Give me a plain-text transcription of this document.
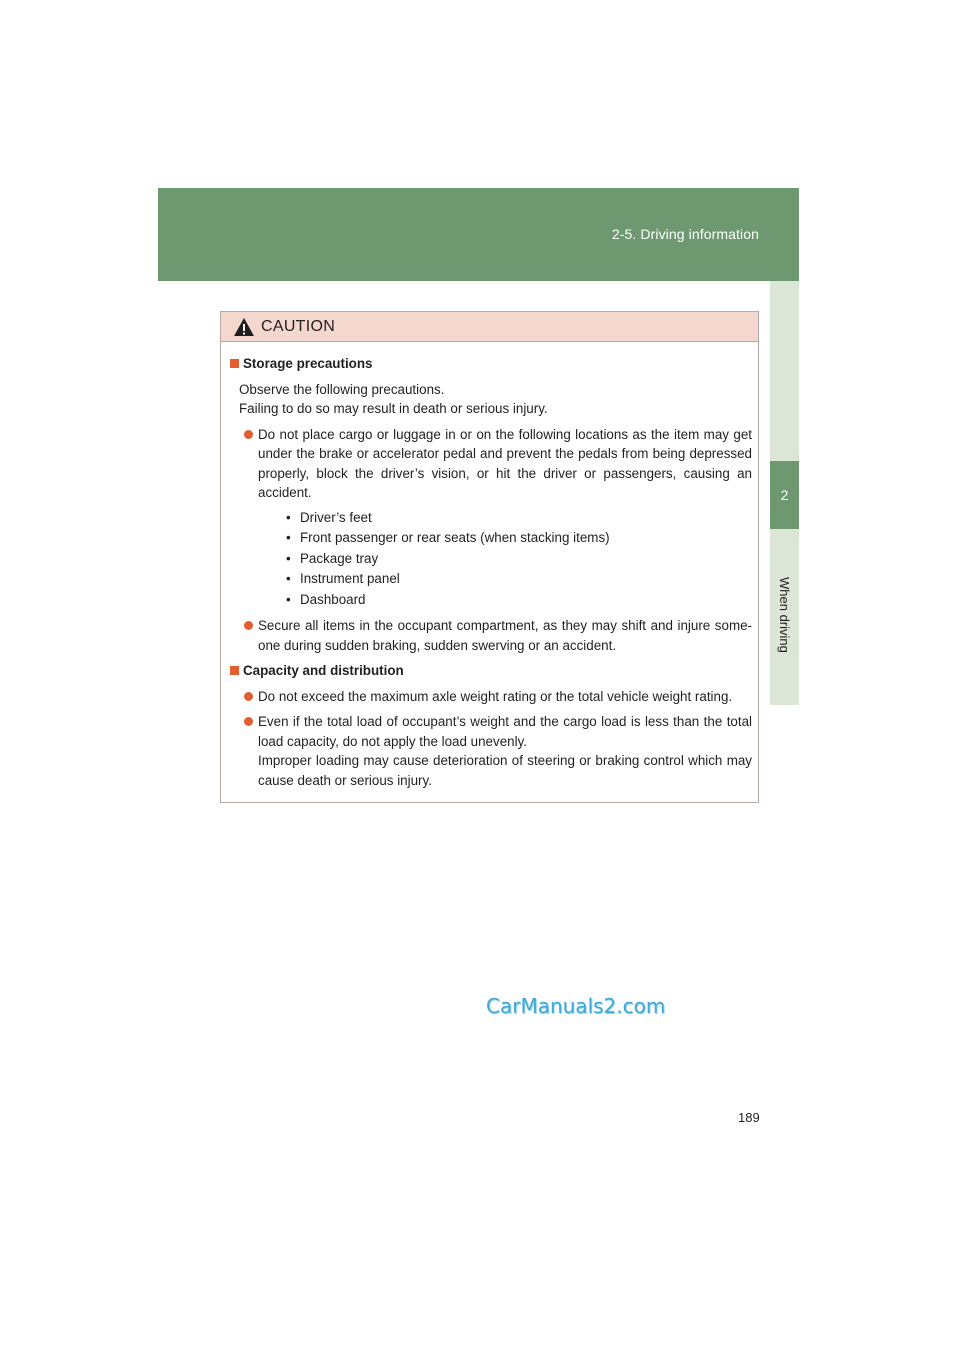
2-5. Driving information
2
When driving
CAUTION
Storage precautions
Observe the following precautions.
Failing to do so may result in death or serious injury.
Do not place cargo or luggage in or on the following locations as the item may get under the brake or accelerator pedal and prevent the pedals from being depressed properly, block the driver’s vision, or hit the driver or passengers, causing an accident.
• Driver’s feet
• Front passenger or rear seats (when stacking items)
• Package tray
• Instrument panel
• Dashboard
Secure all items in the occupant compartment, as they may shift and injure some-one during sudden braking, sudden swerving or an accident.
Capacity and distribution
Do not exceed the maximum axle weight rating or the total vehicle weight rating.
Even if the total load of occupant’s weight and the cargo load is less than the total load capacity, do not apply the load unevenly.
Improper loading may cause deterioration of steering or braking control which may cause death or serious injury.
CarManuals2.com
189
